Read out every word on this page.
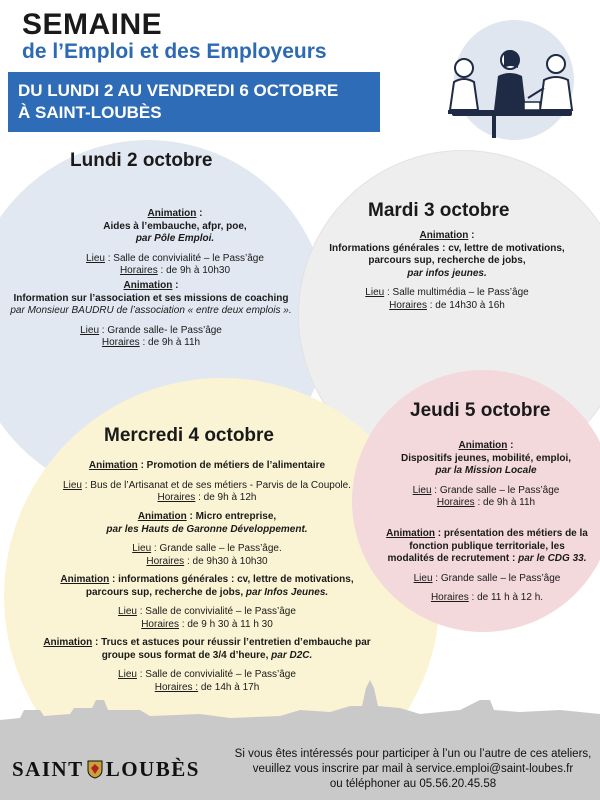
SEMAINE
de l’Emploi et des Employeurs
DU LUNDI 2 AU VENDREDI 6 OCTOBRE
À SAINT-LOUBÈS
Lundi 2 octobre
Animation :
Aides à l’embauche, afpr, poe,
par Pôle Emploi.
Lieu : Salle de convivialité – le Pass’âge
Horaires : de 9h à 10h30
Animation :
Information sur l’association et ses missions de coaching
par Monsieur BAUDRU de l’association « entre deux emplois ».
Lieu : Grande salle- le Pass’âge
Horaires : de 9h à 11h
Mardi 3 octobre
Animation :
Informations générales : cv, lettre de motivations,
parcours sup, recherche de jobs,
par infos jeunes.
Lieu : Salle multimédia – le Pass’âge
Horaires : de 14h30 à 16h
Mercredi 4 octobre
Animation : Promotion de métiers de l’alimentaire
Lieu : Bus de l’Artisanat et de ses métiers - Parvis de la Coupole.
Horaires : de 9h à 12h
Animation : Micro entreprise,
par les Hauts de Garonne Développement.
Lieu : Grande salle – le Pass’âge.
Horaires : de 9h30 à 10h30
Animation : informations générales : cv, lettre de motivations,
parcours sup, recherche de jobs, par Infos Jeunes.
Lieu : Salle de convivialité – le Pass’âge
Horaires : de 9 h 30 à 11 h 30
Animation : Trucs et astuces pour réussir l’entretien d’embauche par
groupe sous format de 3/4 d’heure, par D2C.
Lieu : Salle de convivialité – le Pass’âge
Horaires : de 14h à 17h
Jeudi 5 octobre
Animation :
Dispositifs jeunes, mobilité, emploi,
par la Mission Locale
Lieu : Grande salle – le Pass’âge
Horaires : de 9h à 11h
Animation : présentation des métiers de la
fonction publique territoriale, les
modalités de recrutement : par le CDG 33.
Lieu : Grande salle – le Pass’âge
Horaires : de 11 h à 12 h.
SAINT LOUBÈS
Si vous êtes intéressés pour participer à l’un ou l’autre de ces ateliers,
veuillez vous inscrire par mail à service.emploi@saint-loubes.fr
ou téléphoner au 05.56.20.45.58
